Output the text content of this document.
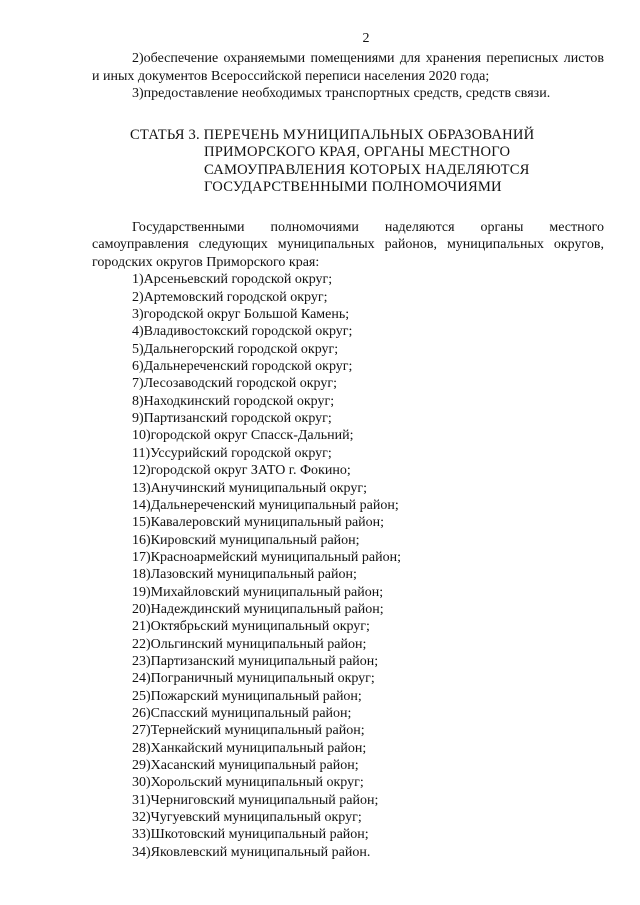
2
2)обеспечение охраняемыми помещениями для хранения переписных листов и иных документов Всероссийской переписи населения 2020 года;
3)предоставление необходимых транспортных средств, средств связи.
СТАТЬЯ 3. ПЕРЕЧЕНЬ МУНИЦИПАЛЬНЫХ ОБРАЗОВАНИЙ
ПРИМОРСКОГО КРАЯ, ОРГАНЫ МЕСТНОГО
САМОУПРАВЛЕНИЯ КОТОРЫХ НАДЕЛЯЮТСЯ
ГОСУДАРСТВЕННЫМИ ПОЛНОМОЧИЯМИ
Государственными полномочиями наделяются органы местного самоуправления следующих муниципальных районов, муниципальных округов, городских округов Приморского края:
1)Арсеньевский городской округ;
2)Артемовский городской округ;
3)городской округ Большой Камень;
4)Владивостокский городской округ;
5)Дальнегорский городской округ;
6)Дальнереченский городской округ;
7)Лесозаводский городской округ;
8)Находкинский городской округ;
9)Партизанский городской округ;
10)городской округ Спасск-Дальний;
11)Уссурийский городской округ;
12)городской округ ЗАТО г. Фокино;
13)Анучинский муниципальный округ;
14)Дальнереченский муниципальный район;
15)Кавалеровский муниципальный район;
16)Кировский муниципальный район;
17)Красноармейский муниципальный район;
18)Лазовский муниципальный район;
19)Михайловский муниципальный район;
20)Надеждинский муниципальный район;
21)Октябрьский муниципальный округ;
22)Ольгинский муниципальный район;
23)Партизанский муниципальный район;
24)Пограничный муниципальный округ;
25)Пожарский муниципальный район;
26)Спасский муниципальный район;
27)Тернейский муниципальный район;
28)Ханкайский муниципальный район;
29)Хасанский муниципальный район;
30)Хорольский муниципальный округ;
31)Черниговский муниципальный район;
32)Чугуевский муниципальный округ;
33)Шкотовский муниципальный район;
34)Яковлевский муниципальный район.
